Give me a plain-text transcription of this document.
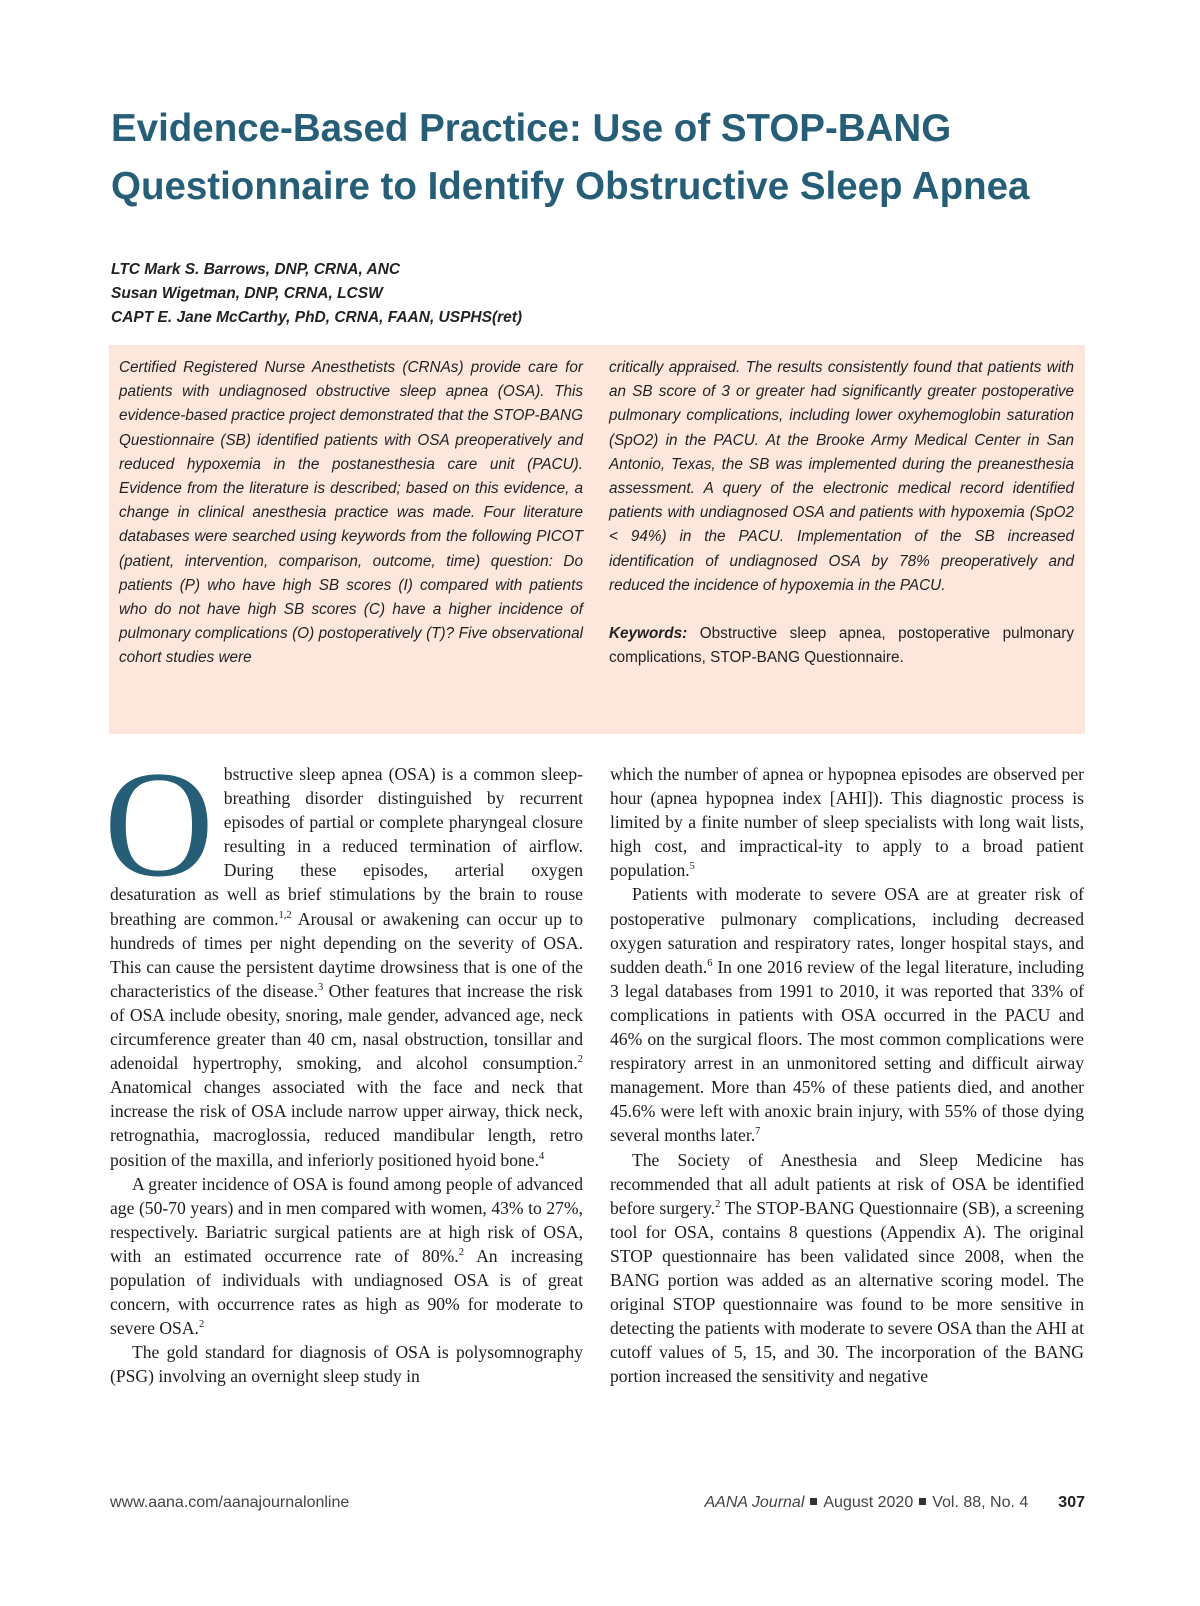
Evidence-Based Practice: Use of STOP-BANG
Questionnaire to Identify Obstructive Sleep Apnea
LTC Mark S. Barrows, DNP, CRNA, ANC
Susan Wigetman, DNP, CRNA, LCSW
CAPT E. Jane McCarthy, PhD, CRNA, FAAN, USPHS(ret)

Certified Registered Nurse Anesthetists (CRNAs) provide care for patients with undiagnosed obstructive sleep apnea (OSA). This evidence-based practice project demonstrated that the STOP-BANG Questionnaire (SB) identified patients with OSA preoperatively and reduced hypoxemia in the postanesthesia care unit (PACU). Evidence from the literature is described; based on this evidence, a change in clinical anesthesia practice was made. Four literature databases were searched using keywords from the following PICOT (patient, intervention, comparison, outcome, time) question: Do patients (P) who have high SB scores (I) compared with patients who do not have high SB scores (C) have a higher incidence of pulmonary complications (O) postoperatively (T)? Five observational cohort studies were

critically appraised. The results consistently found that patients with an SB score of 3 or greater had significantly greater postoperative pulmonary complications, including lower oxyhemoglobin saturation (SpO2) in the PACU. At the Brooke Army Medical Center in San Antonio, Texas, the SB was implemented during the preanesthesia assessment. A query of the electronic medical record identified patients with undiagnosed OSA and patients with hypoxemia (SpO2 < 94%) in the PACU. Implementation of the SB increased identification of undiagnosed OSA by 78% preoperatively and reduced the incidence of hypoxemia in the PACU.

Keywords: Obstructive sleep apnea, postoperative pulmonary complications, STOP-BANG Questionnaire.

Obstructive sleep apnea (OSA) is a common sleep-breathing disorder distinguished by recurrent episodes of partial or complete pharyngeal closure resulting in a reduced termination of airflow. During these episodes, arterial oxygen desaturation as well as brief stimulations by the brain to rouse breathing are common.$^{1,2}$ Arousal or awakening can occur up to hundreds of times per night depending on the severity of OSA. This can cause the persistent daytime drowsiness that is one of the characteristics of the disease.$^3$ Other features that increase the risk of OSA include obesity, snoring, male gender, advanced age, neck circumference greater than 40 cm, nasal obstruction, tonsillar and adenoidal hypertrophy, smoking, and alcohol consumption.$^2$ Anatomical changes associated with the face and neck that increase the risk of OSA include narrow upper airway, thick neck, retrognathia, macroglossia, reduced mandibular length, retro position of the maxilla, and inferiorly positioned hyoid bone.$^4$

A greater incidence of OSA is found among people of advanced age (50-70 years) and in men compared with women, 43% to 27%, respectively. Bariatric surgical patients are at high risk of OSA, with an estimated occurrence rate of 80%.$^2$ An increasing population of individuals with undiagnosed OSA is of great concern, with occurrence rates as high as 90% for moderate to severe OSA.$^2$

The gold standard for diagnosis of OSA is polysomnography (PSG) involving an overnight sleep study in

which the number of apnea or hypopnea episodes are observed per hour (apnea hypopnea index [AHI]). This diagnostic process is limited by a finite number of sleep specialists with long wait lists, high cost, and impractical-ity to apply to a broad patient population.$^5$

Patients with moderate to severe OSA are at greater risk of postoperative pulmonary complications, including decreased oxygen saturation and respiratory rates, longer hospital stays, and sudden death.$^6$ In one 2016 review of the legal literature, including 3 legal databases from 1991 to 2010, it was reported that 33% of complications in patients with OSA occurred in the PACU and 46% on the surgical floors. The most common complications were respiratory arrest in an unmonitored setting and difficult airway management. More than 45% of these patients died, and another 45.6% were left with anoxic brain injury, with 55% of those dying several months later.$^7$

The Society of Anesthesia and Sleep Medicine has recommended that all adult patients at risk of OSA be identified before surgery.$^2$ The STOP-BANG Questionnaire (SB), a screening tool for OSA, contains 8 questions (Appendix A). The original STOP questionnaire has been validated since 2008, when the BANG portion was added as an alternative scoring model. The original STOP questionnaire was found to be more sensitive in detecting the patients with moderate to severe OSA than the AHI at cutoff values of 5, 15, and 30. The incorporation of the BANG portion increased the sensitivity and negative

www.aana.com/aanajournalonline	AANA Journal August 2020 Vol. 88, No. 4 307
